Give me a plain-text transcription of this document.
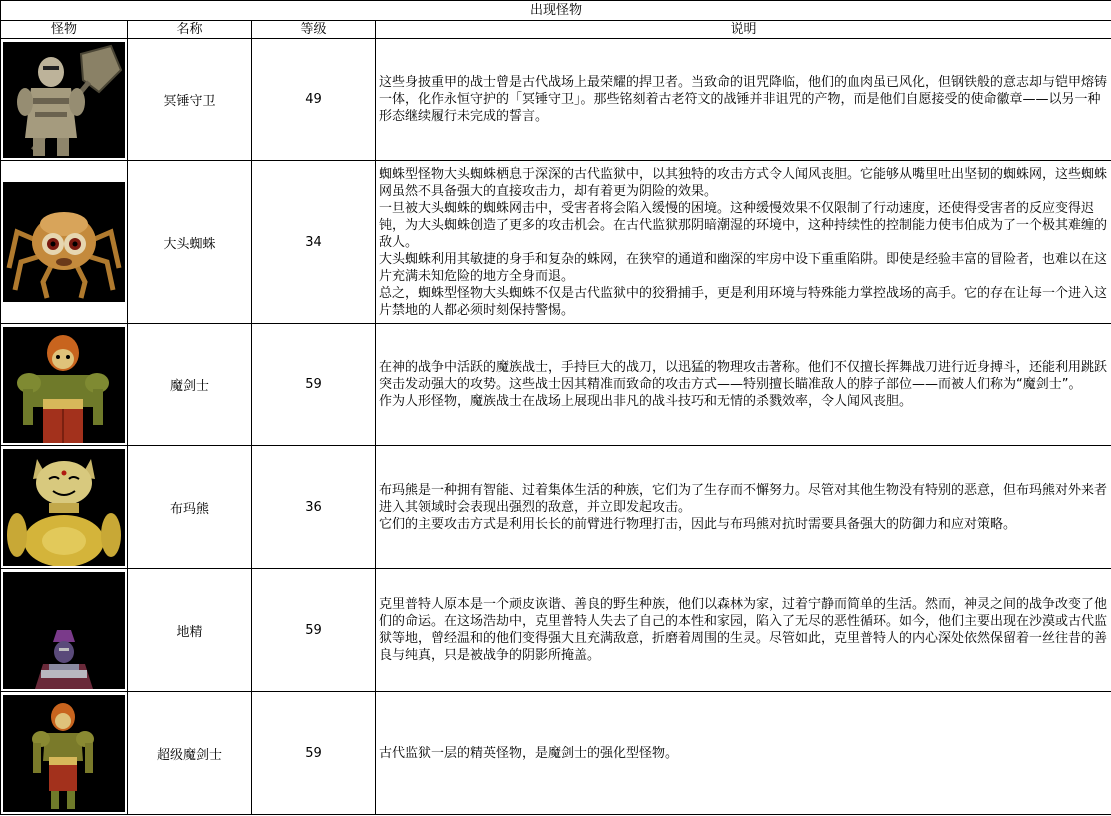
出现怪物			
怪物	名称	等级	说明

	冥锤守卫	49	这些身披重甲的战士曾是古代战场上最荣耀的捍卫者。当致命的诅咒降临，他们的血肉虽已风化，但钢铁般的意志却与铠甲熔铸一体，化作永恒守护的「冥锤守卫」。那些铭刻着古老符文的战锤并非诅咒的产物，而是他们自愿接受的使命徽章——以另一种形态继续履行未完成的誓言。

	大头蜘蛛	34	蜘蛛型怪物大头蜘蛛栖息于深深的古代监狱中，以其独特的攻击方式令人闻风丧胆。它能够从嘴里吐出坚韧的蜘蛛网，这些蜘蛛网虽然不具备强大的直接攻击力，却有着更为阴险的效果。

一旦被大头蜘蛛的蜘蛛网击中，受害者将会陷入缓慢的困境。这种缓慢效果不仅限制了行动速度，还使得受害者的反应变得迟钝，为大头蜘蛛创造了更多的攻击机会。在古代监狱那阴暗潮湿的环境中，这种持续性的控制能力使韦伯成为了一个极其难缠的敌人。

大头蜘蛛利用其敏捷的身手和复杂的蛛网，在狭窄的通道和幽深的牢房中设下重重陷阱。即使是经验丰富的冒险者，也难以在这片充满未知危险的地方全身而退。

总之，蜘蛛型怪物大头蜘蛛不仅是古代监狱中的狡猾捕手，更是利用环境与特殊能力掌控战场的高手。它的存在让每一个进入这片禁地的人都必须时刻保持警惕。

	魔剑士	59	在神的战争中活跃的魔族战士，手持巨大的战刀，以迅猛的物理攻击著称。他们不仅擅长挥舞战刀进行近身搏斗，还能利用跳跃突击发动强大的攻势。这些战士因其精准而致命的攻击方式——特别擅长瞄准敌人的脖子部位——而被人们称为“魔剑士”。

作为人形怪物，魔族战士在战场上展现出非凡的战斗技巧和无情的杀戮效率，令人闻风丧胆。

	布玛熊	36	布玛熊是一种拥有智能、过着集体生活的种族，它们为了生存而不懈努力。尽管对其他生物没有特别的恶意，但布玛熊对外来者进入其领域时会表现出强烈的敌意，并立即发起攻击。

它们的主要攻击方式是利用长长的前臂进行物理打击，因此与布玛熊对抗时需要具备强大的防御力和应对策略。

	地精	59	克里普特人原本是一个顽皮诙谐、善良的野生种族，他们以森林为家，过着宁静而简单的生活。然而，神灵之间的战争改变了他们的命运。在这场浩劫中，克里普特人失去了自己的本性和家园，陷入了无尽的恶性循环。如今，他们主要出现在沙漠或古代监狱等地，曾经温和的他们变得强大且充满敌意，折磨着周围的生灵。尽管如此，克里普特人的内心深处依然保留着一丝往昔的善良与纯真，只是被战争的阴影所掩盖。

	超级魔剑士	59	古代监狱一层的精英怪物，是魔剑士的强化型怪物。
